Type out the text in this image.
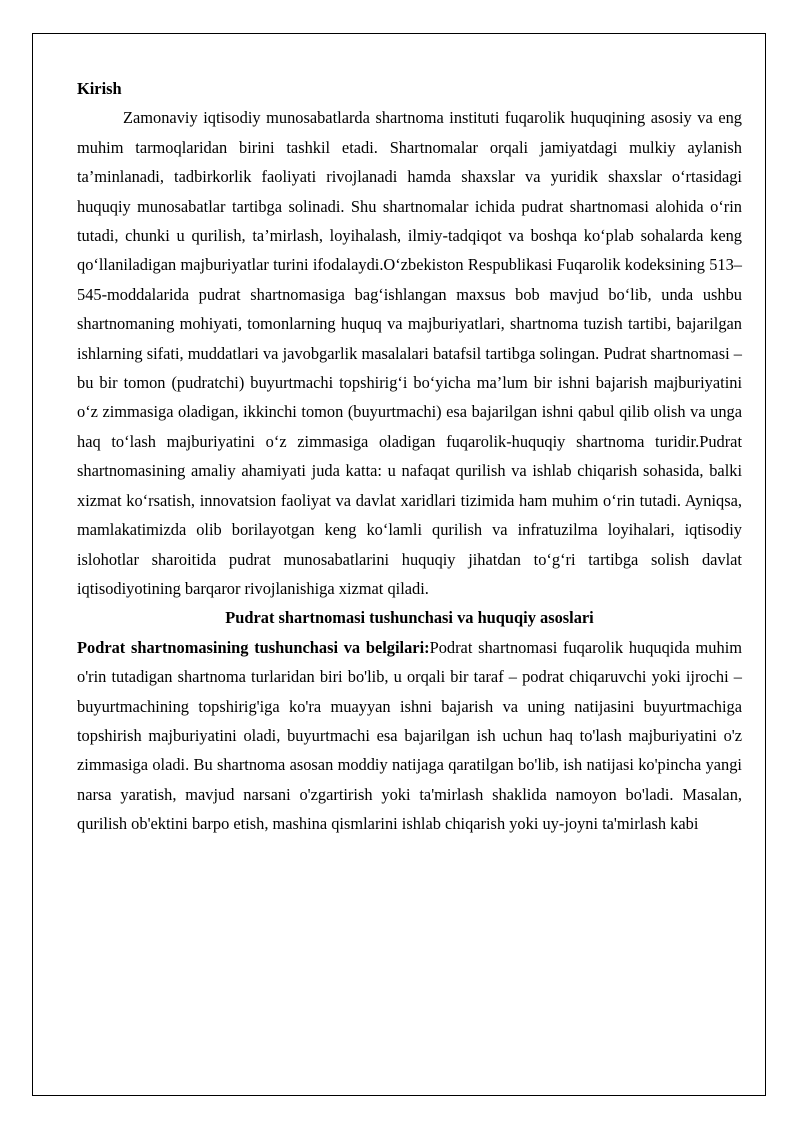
Kirish

Zamonaviy iqtisodiy munosabatlarda shartnoma instituti fuqarolik huquqining asosiy va eng muhim tarmoqlaridan birini tashkil etadi. Shartnomalar orqali jamiyatdagi mulkiy aylanish ta’minlanadi, tadbirkorlik faoliyati rivojlanadi hamda shaxslar va yuridik shaxslar o‘rtasidagi huquqiy munosabatlar tartibga solinadi. Shu shartnomalar ichida pudrat shartnomasi alohida o‘rin tutadi, chunki u qurilish, ta’mirlash, loyihalash, ilmiy-tadqiqot va boshqa ko‘plab sohalarda keng qo‘llaniladigan majburiyatlar turini ifodalaydi.O‘zbekiston Respublikasi Fuqarolik kodeksining 513–545-moddalarida pudrat shartnomasiga bag‘ishlangan maxsus bob mavjud bo‘lib, unda ushbu shartnomaning mohiyati, tomonlarning huquq va majburiyatlari, shartnoma tuzish tartibi, bajarilgan ishlarning sifati, muddatlari va javobgarlik masalalari batafsil tartibga solingan. Pudrat shartnomasi – bu bir tomon (pudratchi) buyurtmachi topshirig‘i bo‘yicha ma’lum bir ishni bajarish majburiyatini o‘z zimmasiga oladigan, ikkinchi tomon (buyurtmachi) esa bajarilgan ishni qabul qilib olish va unga haq to‘lash majburiyatini o‘z zimmasiga oladigan fuqarolik-huquqiy shartnoma turidir.Pudrat shartnomasining amaliy ahamiyati juda katta: u nafaqat qurilish va ishlab chiqarish sohasida, balki xizmat ko‘rsatish, innovatsion faoliyat va davlat xaridlari tizimida ham muhim o‘rin tutadi. Ayniqsa, mamlakatimizda olib borilayotgan keng ko‘lamli qurilish va infratuzilma loyihalari, iqtisodiy islohotlar sharoitida pudrat munosabatlarini huquqiy jihatdan to‘g‘ri tartibga solish davlat iqtisodiyotining barqaror rivojlanishiga xizmat qiladi.

Pudrat shartnomasi tushunchasi va huquqiy asoslari

Podrat shartnomasining tushunchasi va belgilari:Podrat shartnomasi fuqarolik huquqida muhim o'rin tutadigan shartnoma turlaridan biri bo'lib, u orqali bir taraf – podrat chiqaruvchi yoki ijrochi – buyurtmachining topshirig'iga ko'ra muayyan ishni bajarish va uning natijasini buyurtmachiga topshirish majburiyatini oladi, buyurtmachi esa bajarilgan ish uchun haq to'lash majburiyatini o'z zimmasiga oladi. Bu shartnoma asosan moddiy natijaga qaratilgan bo'lib, ish natijasi ko'pincha yangi narsa yaratish, mavjud narsani o'zgartirish yoki ta'mirlash shaklida namoyon bo'ladi. Masalan, qurilish ob'ektini barpo etish, mashina qismlarini ishlab chiqarish yoki uy-joyni ta'mirlash kabi
